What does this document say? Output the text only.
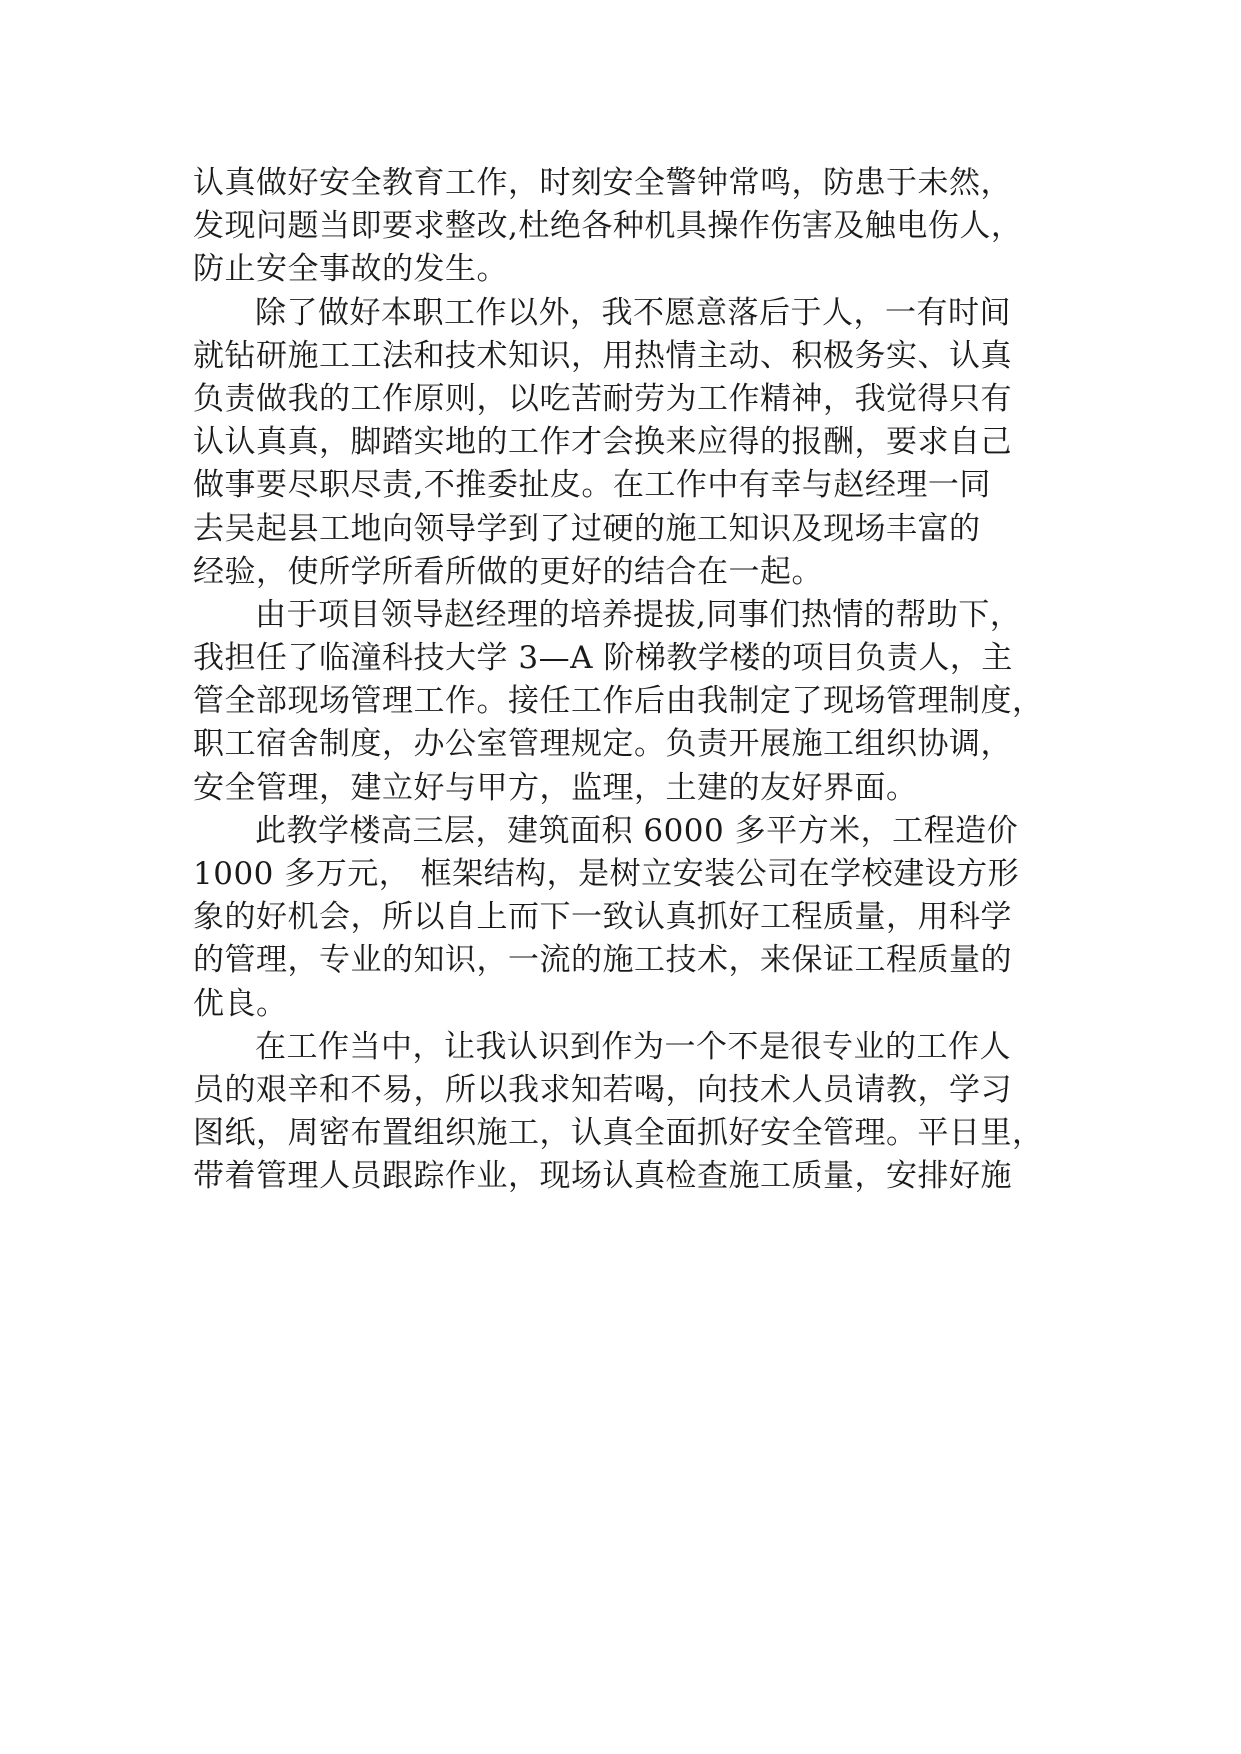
认真做好安全教育工作，时刻安全警钟常鸣，防患于未然，
发现问题当即要求整改,杜绝各种机具操作伤害及触电伤人，
防止安全事故的发生。
除了做好本职工作以外，我不愿意落后于人，一有时间
就钻研施工工法和技术知识，用热情主动、积极务实、认真
负责做我的工作原则，以吃苦耐劳为工作精神，我觉得只有
认认真真，脚踏实地的工作才会换来应得的报酬，要求自己
做事要尽职尽责,不推委扯皮。在工作中有幸与赵经理一同
去吴起县工地向领导学到了过硬的施工知识及现场丰富的
经验，使所学所看所做的更好的结合在一起。
由于项目领导赵经理的培养提拔,同事们热情的帮助下，
我担任了临潼科技大学 3—A 阶梯教学楼的项目负责人，主
管全部现场管理工作。接任工作后由我制定了现场管理制度，
职工宿舍制度，办公室管理规定。负责开展施工组织协调，
安全管理，建立好与甲方，监理，土建的友好界面。
此教学楼高三层，建筑面积 6000 多平方米，工程造价
1000 多万元， 框架结构，是树立安装公司在学校建设方形
象的好机会，所以自上而下一致认真抓好工程质量，用科学
的管理，专业的知识，一流的施工技术，来保证工程质量的
优良。
在工作当中，让我认识到作为一个不是很专业的工作人
员的艰辛和不易，所以我求知若喝，向技术人员请教，学习
图纸，周密布置组织施工，认真全面抓好安全管理。平日里，
带着管理人员跟踪作业，现场认真检查施工质量，安排好施
